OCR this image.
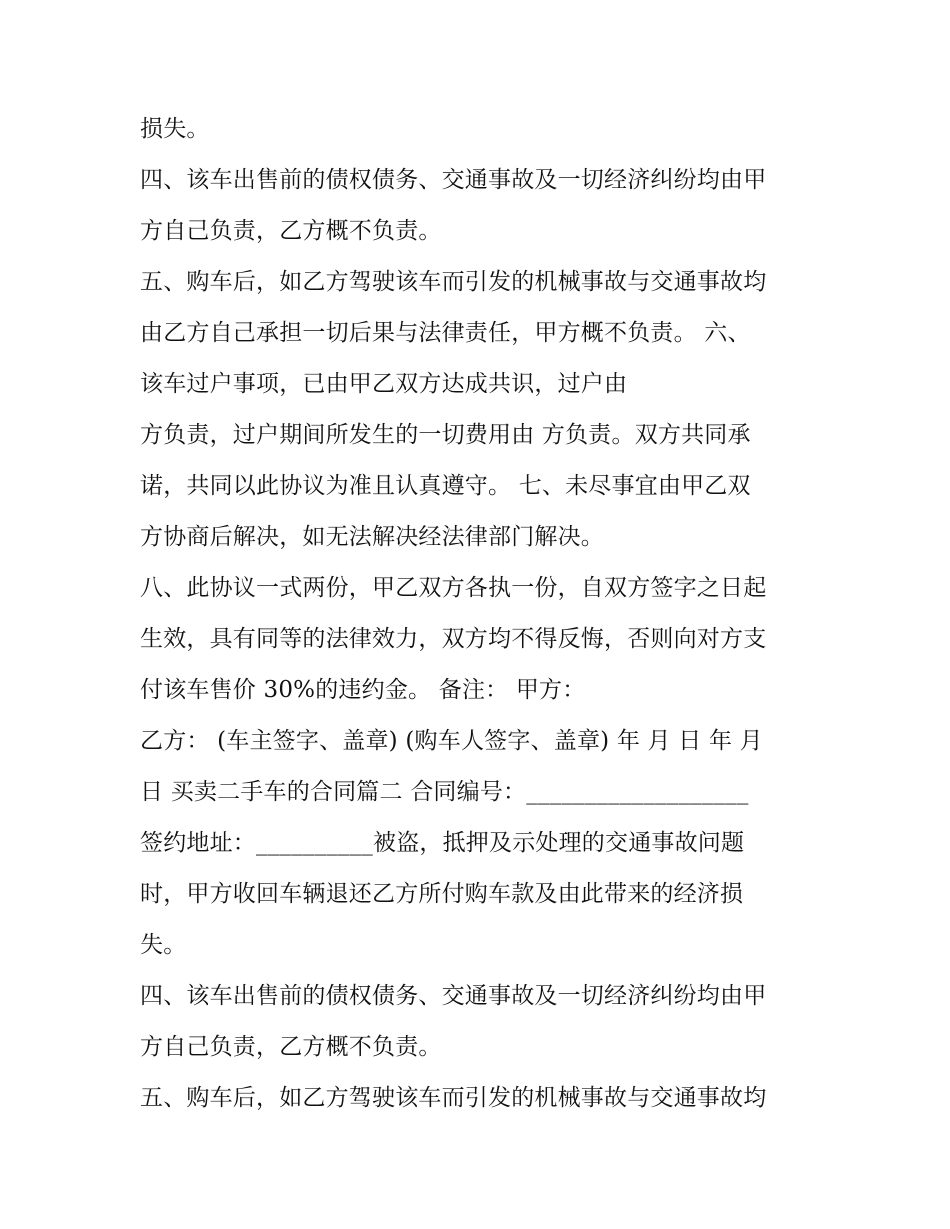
损失。
四、该车出售前的债权债务、交通事故及一切经济纠纷均由甲
方自己负责，乙方概不负责。
五、购车后，如乙方驾驶该车而引发的机械事故与交通事故均
由乙方自己承担一切后果与法律责任，甲方概不负责。 六、
该车过户事项，已由甲乙双方达成共识，过户由
方负责，过户期间所发生的一切费用由 方负责。双方共同承
诺，共同以此协议为准且认真遵守。 七、未尽事宜由甲乙双
方协商后解决，如无法解决经法律部门解决。
八、此协议一式两份，甲乙双方各执一份，自双方签字之日起
生效，具有同等的法律效力，双方均不得反悔，否则向对方支
付该车售价 30%的违约金。 备注： 甲方：
乙方： (车主签字、盖章) (购车人签字、盖章) 年 月 日 年 月
日 买卖二手车的合同篇二 合同编号：___________________
签约地址：__________被盗，抵押及示处理的交通事故问题
时，甲方收回车辆退还乙方所付购车款及由此带来的经济损
失。
四、该车出售前的债权债务、交通事故及一切经济纠纷均由甲
方自己负责，乙方概不负责。
五、购车后，如乙方驾驶该车而引发的机械事故与交通事故均
